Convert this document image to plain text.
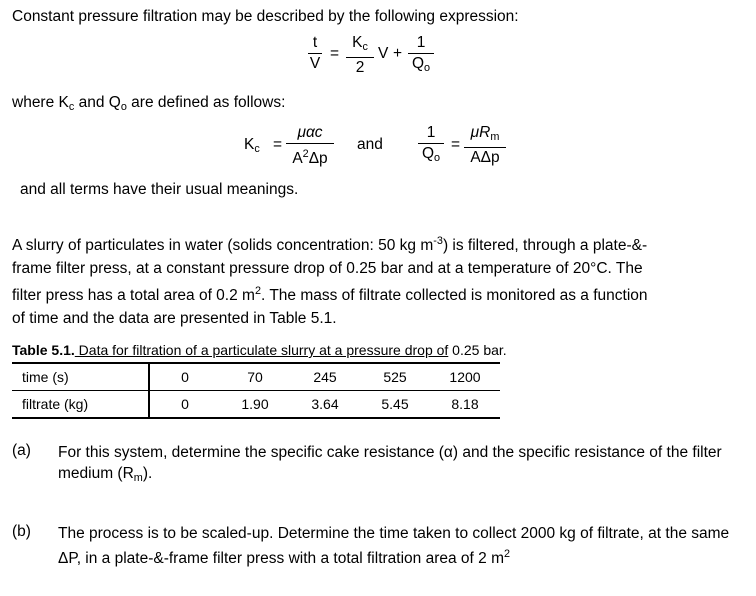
Constant pressure filtration may be described by the following expression:
t
V
=
$K_c$
2
V +
1
$Q_o$
where $K_c$ and $Q_o$ are defined as follows:
$K_c$ =
μαc
$A^2\Delta p$
and
1
$Q_o$
=
$\mu R_m$
AΔp
and all terms have their usual meanings.

A slurry of particulates in water (solids concentration: 50 kg $m^{-3}$) is filtered, through a plate-&-

frame filter press, at a constant pressure drop of 0.25 bar and at a temperature of 20°C. The

filter press has a total area of 0.2 $m^2$. The mass of filtrate collected is monitored as a function

of time and the data are presented in Table 5.1.

Table 5.1. Data for filtration of a particulate slurry at a pressure drop of 0.25 bar.
time (s)	0	70	245	525	1200
filtrate (kg)	0	1.90	3.64	5.45	8.18
(a) For this system, determine the specific cake resistance (α) and the specific resistance of the filter medium $(R_m)$.
(b) The process is to be scaled-up. Determine the time taken to collect 2000 kg of filtrate, at the same ΔP, in a plate-&-frame filter press with a total filtration area of 2 $m^2$
